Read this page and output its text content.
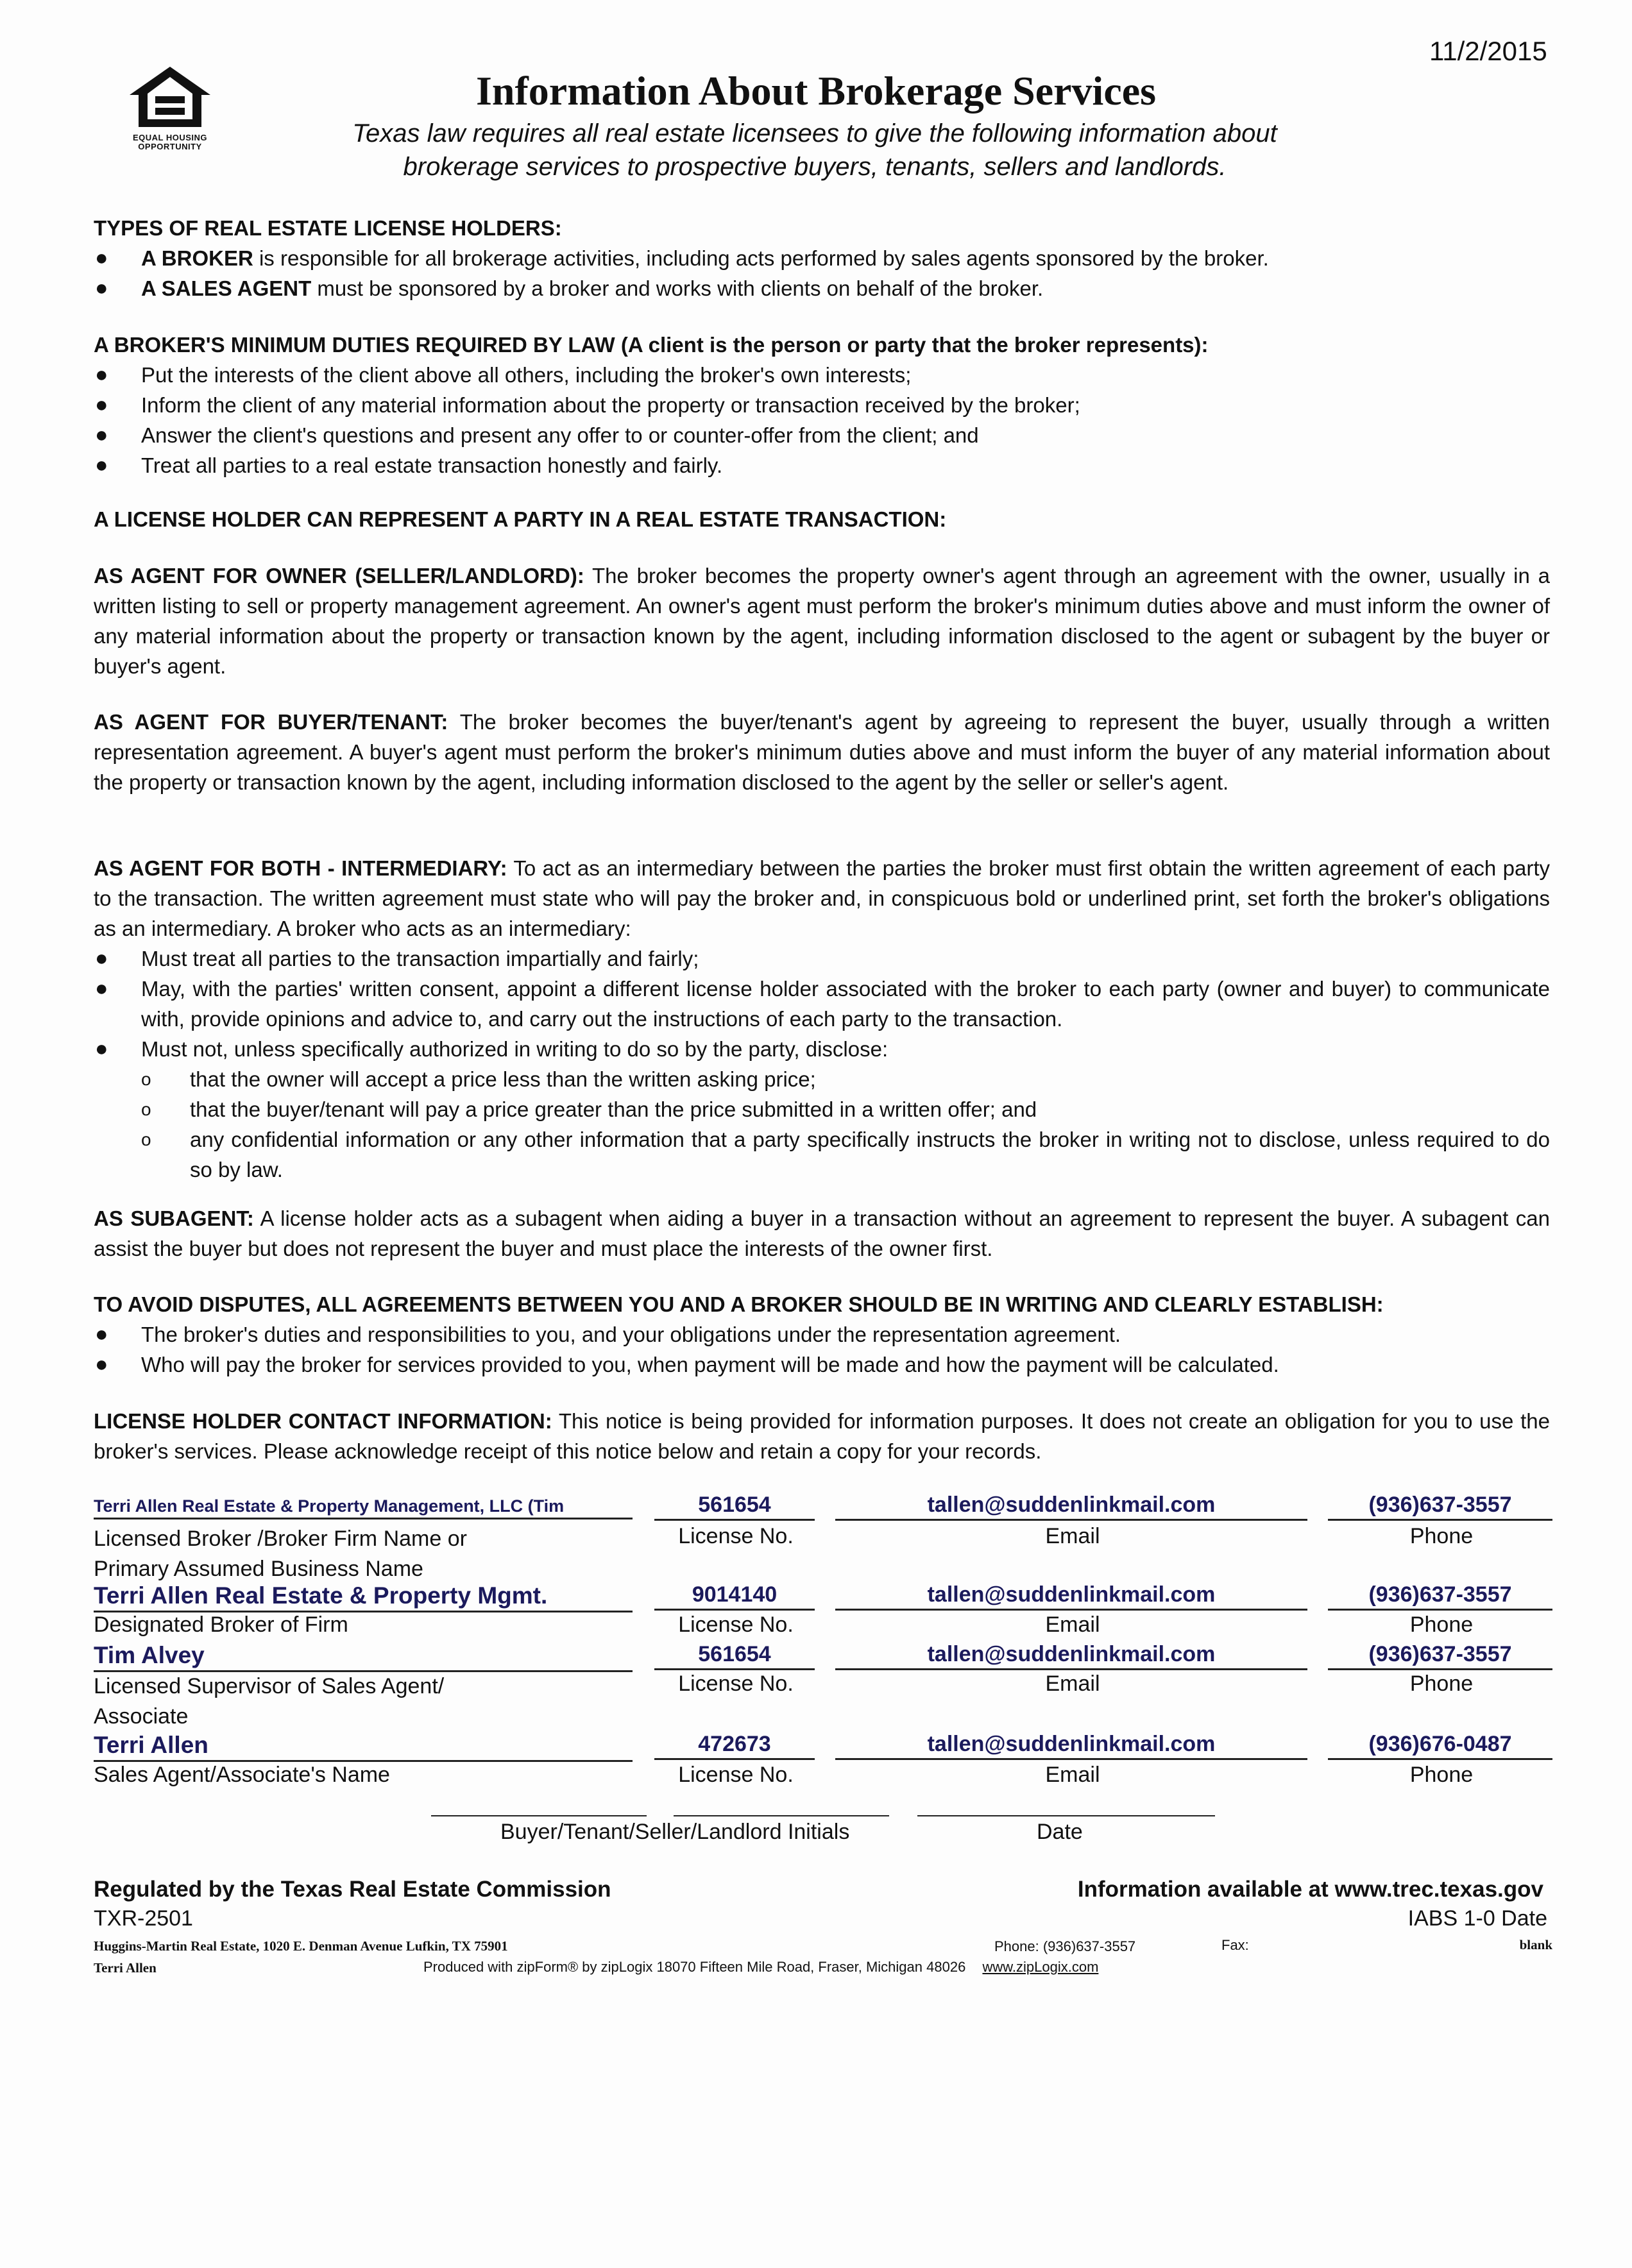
11/2/2015
EQUAL HOUSING
OPPORTUNITY
Information About Brokerage Services
Texas law requires all real estate licensees to give the following information about
brokerage services to prospective buyers, tenants, sellers and landlords.

TYPES OF REAL ESTATE LICENSE HOLDERS:

● A BROKER is responsible for all brokerage activities, including acts performed by sales agents sponsored by the broker.

● A SALES AGENT must be sponsored by a broker and works with clients on behalf of the broker.

A BROKER'S MINIMUM DUTIES REQUIRED BY LAW (A client is the person or party that the broker represents):

● Put the interests of the client above all others, including the broker's own interests;

● Inform the client of any material information about the property or transaction received by the broker;

● Answer the client's questions and present any offer to or counter-offer from the client; and

● Treat all parties to a real estate transaction honestly and fairly.

A LICENSE HOLDER CAN REPRESENT A PARTY IN A REAL ESTATE TRANSACTION:

AS AGENT FOR OWNER (SELLER/LANDLORD): The broker becomes the property owner's agent through an agreement with the owner, usually in a written listing to sell or property management agreement. An owner's agent must perform the broker's minimum duties above and must inform the owner of any material information about the property or transaction known by the agent, including information disclosed to the agent or subagent by the buyer or buyer's agent.

AS AGENT FOR BUYER/TENANT: The broker becomes the buyer/tenant's agent by agreeing to represent the buyer, usually through a written representation agreement. A buyer's agent must perform the broker's minimum duties above and must inform the buyer of any material information about the property or transaction known by the agent, including information disclosed to the agent by the seller or seller's agent.

AS AGENT FOR BOTH - INTERMEDIARY: To act as an intermediary between the parties the broker must first obtain the written agreement of each party to the transaction. The written agreement must state who will pay the broker and, in conspicuous bold or underlined print, set forth the broker's obligations as an intermediary. A broker who acts as an intermediary:

● Must treat all parties to the transaction impartially and fairly;

● May, with the parties' written consent, appoint a different license holder associated with the broker to each party (owner and buyer) to communicate with, provide opinions and advice to, and carry out the instructions of each party to the transaction.

● Must not, unless specifically authorized in writing to do so by the party, disclose:

o that the owner will accept a price less than the written asking price;

o that the buyer/tenant will pay a price greater than the price submitted in a written offer; and

o any confidential information or any other information that a party specifically instructs the broker in writing not to disclose, unless required to do so by law.

AS SUBAGENT: A license holder acts as a subagent when aiding a buyer in a transaction without an agreement to represent the buyer. A subagent can assist the buyer but does not represent the buyer and must place the interests of the owner first.

TO AVOID DISPUTES, ALL AGREEMENTS BETWEEN YOU AND A BROKER SHOULD BE IN WRITING AND CLEARLY ESTABLISH:

● The broker's duties and responsibilities to you, and your obligations under the representation agreement.

● Who will pay the broker for services provided to you, when payment will be made and how the payment will be calculated.

LICENSE HOLDER CONTACT INFORMATION: This notice is being provided for information purposes. It does not create an obligation for you to use the broker's services. Please acknowledge receipt of this notice below and retain a copy for your records.

Terri Allen Real Estate & Property Management, LLC (Tim	561654	tallen@suddenlinkmail.com	(936)637-3557
Licensed Broker /Broker Firm Name or
Primary Assumed Business Name
License No.	Email	Phone
Terri Allen Real Estate & Property Mgmt.	9014140	tallen@suddenlinkmail.com	(936)637-3557
Designated Broker of Firm	License No.	Email	Phone
Tim Alvey	561654	tallen@suddenlinkmail.com	(936)637-3557
Licensed Supervisor of Sales Agent/
Associate
License No.	Email	Phone
Terri Allen	472673	tallen@suddenlinkmail.com	(936)676-0487
Sales Agent/Associate's Name	License No.	Email	Phone
Buyer/Tenant/Seller/Landlord Initials	Date
Regulated by the Texas Real Estate Commission	Information available at www.trec.texas.gov
TXR-2501	IABS 1-0 Date
Huggins-Martin Real Estate, 1020 E. Denman Avenue Lufkin, TX 75901	Phone: (936)637-3557	Fax:	blank
Terri Allen	Produced with zipForm® by zipLogix 18070 Fifteen Mile Road, Fraser, Michigan 48026 www.zipLogix.com
